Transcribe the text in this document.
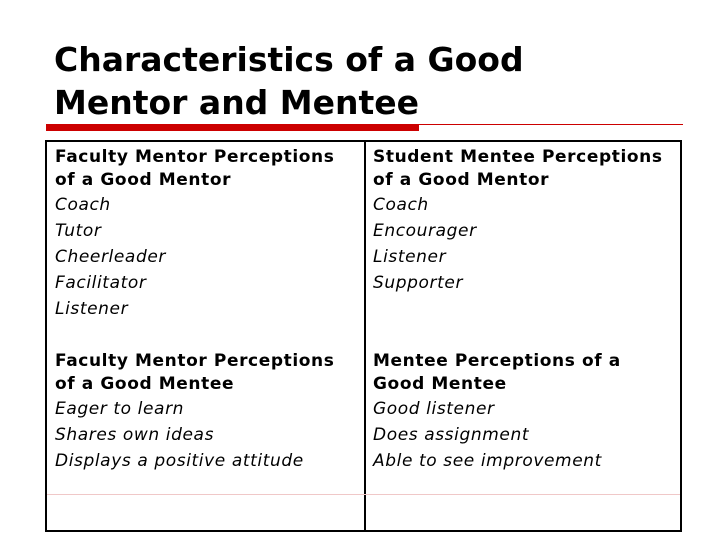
Characteristics of a Good
Mentor and Mentee
Faculty Mentor Perceptions
of a Good Mentor
Coach
Tutor
Cheerleader
Facilitator
Listener
Student Mentee Perceptions
of a Good Mentor
Coach
Encourager
Listener
Supporter
Faculty Mentor Perceptions
of a Good Mentee
Eager to learn
Shares own ideas
Displays a positive attitude
Mentee Perceptions of a
Good Mentee
Good listener
Does assignment
Able to see improvement
